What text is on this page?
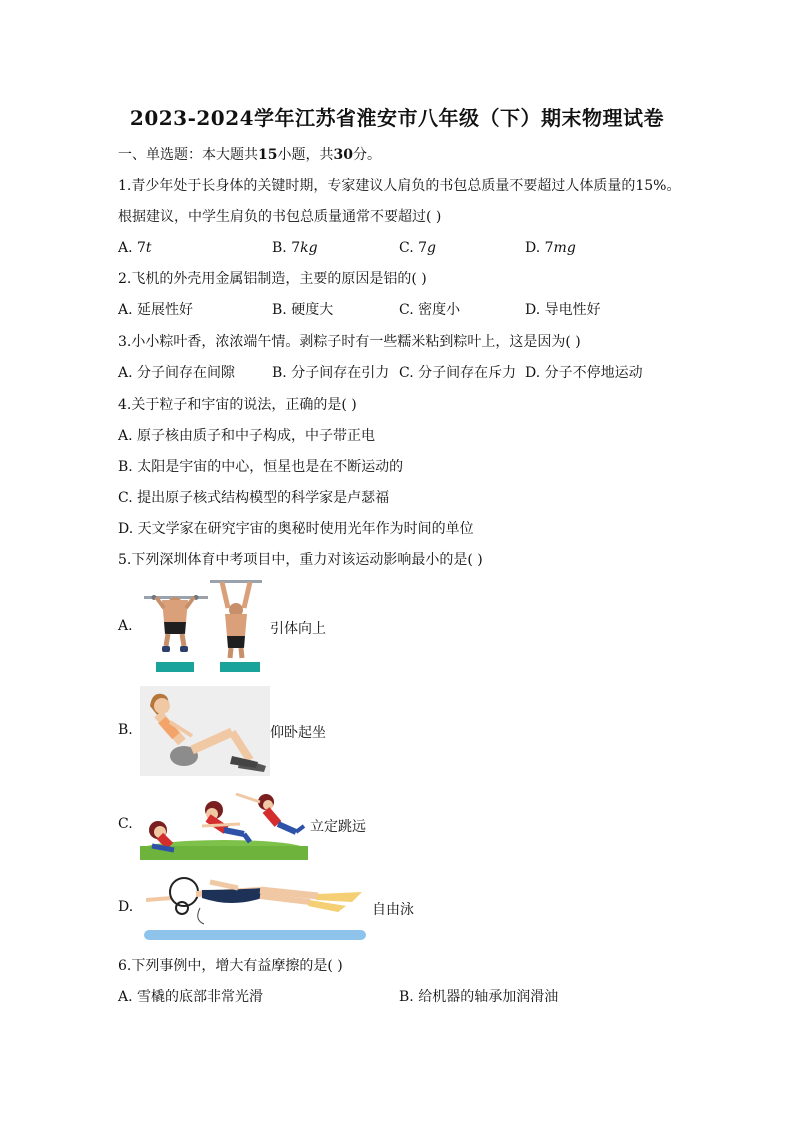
2023-2024学年江苏省淮安市八年级（下）期末物理试卷
一、单选题：本大题共15小题，共30分。
1.青少年处于长身体的关键时期，专家建议人肩负的书包总质量不要超过人体质量的15%。
根据建议，中学生肩负的书包总质量通常不要超过( )
A. 7t	B. 7kg	C. 7g	D. 7mg
2.飞机的外壳用金属铝制造，主要的原因是铝的( )
A. 延展性好	B. 硬度大	C. 密度小	D. 导电性好
3.小小粽叶香，浓浓端午情。剥粽子时有一些糯米粘到粽叶上，这是因为( )
A. 分子间存在间隙	B. 分子间存在引力 C. 分子间存在斥力 D. 分子不停地运动
4.关于粒子和宇宙的说法，正确的是( )
A. 原子核由质子和中子构成，中子带正电
B. 太阳是宇宙的中心，恒星也是在不断运动的
C. 提出原子核式结构模型的科学家是卢瑟福
D. 天文学家在研究宇宙的奥秘时使用光年作为时间的单位
5.下列深圳体育中考项目中，重力对该运动影响最小的是( )
A.	引体向上
B.	仰卧起坐
C.	立定跳远
D.	自由泳
6.下列事例中，增大有益摩擦的是( )
A. 雪橇的底部非常光滑	B. 给机器的轴承加润滑油
